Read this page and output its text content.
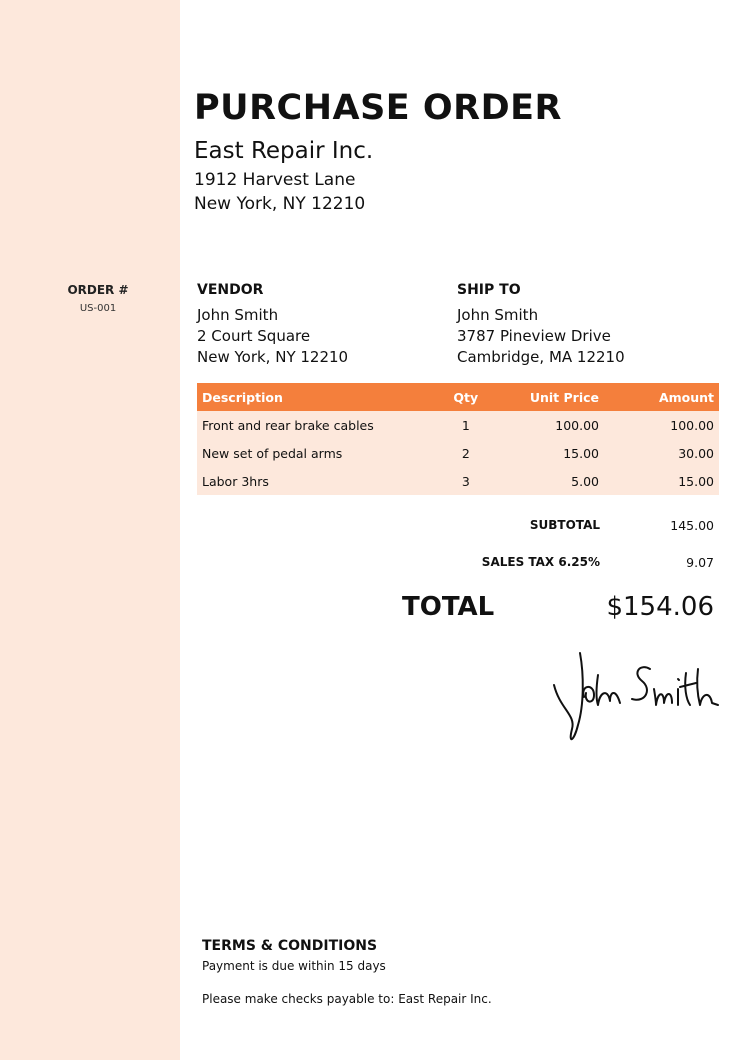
ORDER #
US-001
PURCHASE ORDER
East Repair Inc.
1912 Harvest Lane
New York, NY 12210
VENDOR
John Smith
2 Court Square
New York, NY 12210
SHIP TO
John Smith
3787 Pineview Drive
Cambridge, MA 12210
Description	Qty	Unit Price	Amount
Front and rear brake cables	1	100.00	100.00
New set of pedal arms	2	15.00	30.00
Labor 3hrs	3	5.00	15.00
SUBTOTAL	145.00
SALES TAX 6.25%	9.07
TOTAL	$154.06
TERMS & CONDITIONS
Payment is due within 15 days
Please make checks payable to: East Repair Inc.
